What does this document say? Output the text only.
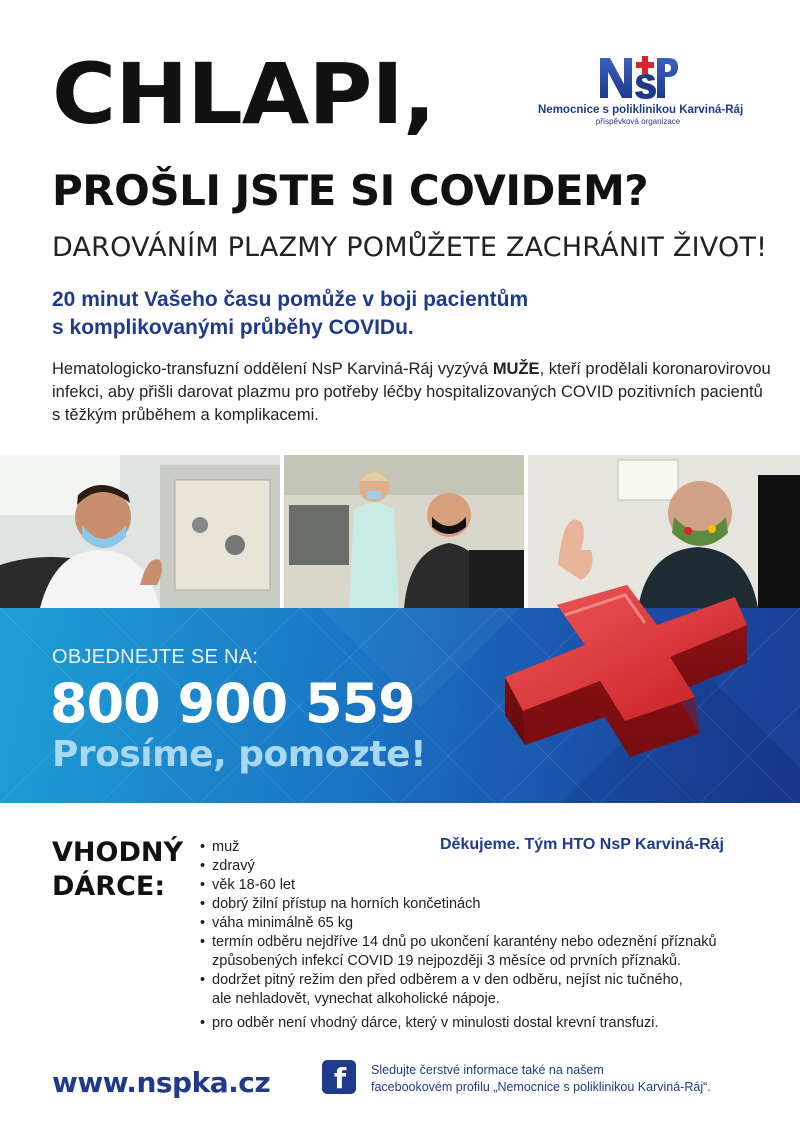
CHLAPI,
PROŠLI JSTE SI COVIDEM?
DAROVÁNÍM PLAZMY POMŮŽETE ZACHRÁNIT ŽIVOT!
Nemocnice s poliklinikou Karviná-Ráj
příspěvková organizace
20 minut Vašeho času pomůže v boji pacientům
s komplikovanými průběhy COVIDu.
Hematologicko-transfuzní oddělení NsP Karviná-Ráj vyzývá MUŽE, kteří prodělali koronarovirovou infekci, aby přišli darovat plazmu pro potřeby léčby hospitalizovaných COVID pozitivních pacientů s těžkým průběhem a komplikacemi.
OBJEDNEJTE SE NA:
800 900 559
Prosíme, pomozte!
VHODNÝ
DÁRCE:
Děkujeme. Tým HTO NsP Karviná-Ráj
• muž
• zdravý
• věk 18-60 let
• dobrý žilní přístup na horních končetinách
• váha minimálně 65 kg
• termín odběru nejdříve 14 dnů po ukončení karantény nebo odeznění příznaků
způsobených infekcí COVID 19 nejpozději 3 měsíce od prvních příznaků.
• dodržet pitný režim den před odběrem a v den odběru, nejíst nic tučného,
ale nehladovět, vynechat alkoholické nápoje.
• pro odběr není vhodný dárce, který v minulosti dostal krevní transfuzi.
www.nspka.cz f Sledujte čerstvé informace také na našem
facebookovém profilu „Nemocnice s poliklinikou Karviná-Ráj“.
